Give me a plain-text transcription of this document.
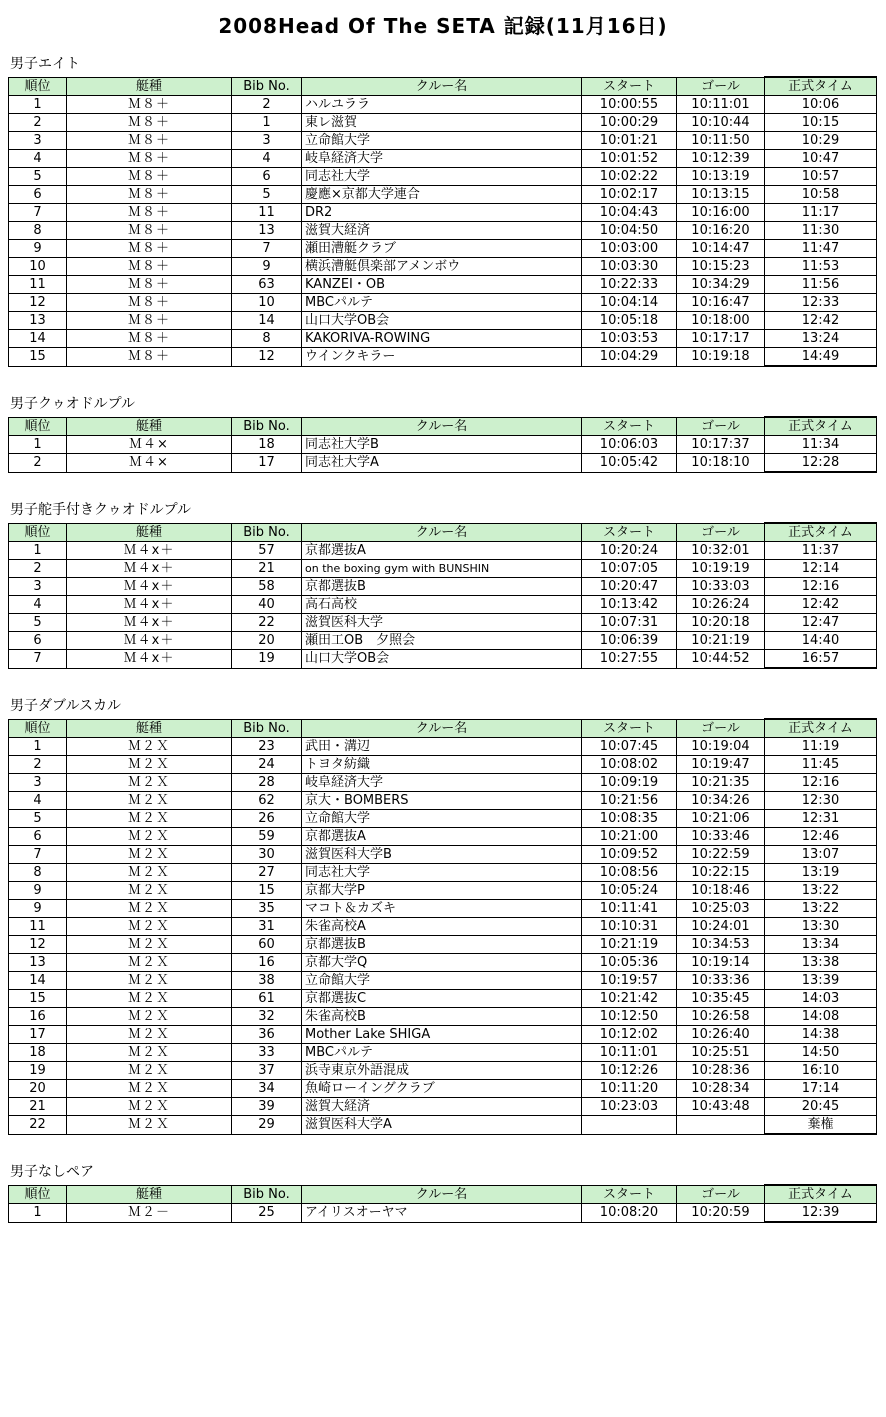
2008Head Of The SETA 記録(11月16日)
男子エイト
順位	艇種	Bib No.	クルー名	スタート	ゴール	正式タイム
1	Ｍ８＋	2	ハルユララ	10:00:55	10:11:01	10:06
2	Ｍ８＋	1	東レ滋賀	10:00:29	10:10:44	10:15
3	Ｍ８＋	3	立命館大学	10:01:21	10:11:50	10:29
4	Ｍ８＋	4	岐阜経済大学	10:01:52	10:12:39	10:47
5	Ｍ８＋	6	同志社大学	10:02:22	10:13:19	10:57
6	Ｍ８＋	5	慶應×京都大学連合	10:02:17	10:13:15	10:58
7	Ｍ８＋	11	DR2	10:04:43	10:16:00	11:17
8	Ｍ８＋	13	滋賀大経済	10:04:50	10:16:20	11:30
9	Ｍ８＋	7	瀬田漕艇クラブ	10:03:00	10:14:47	11:47
10	Ｍ８＋	9	横浜漕艇倶楽部アメンボウ	10:03:30	10:15:23	11:53
11	Ｍ８＋	63	KANZEI・OB	10:22:33	10:34:29	11:56
12	Ｍ８＋	10	MBCパルテ	10:04:14	10:16:47	12:33
13	Ｍ８＋	14	山口大学OB会	10:05:18	10:18:00	12:42
14	Ｍ８＋	8	KAKORIVA-ROWING	10:03:53	10:17:17	13:24
15	Ｍ８＋	12	ウインクキラー	10:04:29	10:19:18	14:49
男子クゥオドルプル
順位	艇種	Bib No.	クルー名	スタート	ゴール	正式タイム
1	Ｍ４×	18	同志社大学B	10:06:03	10:17:37	11:34
2	Ｍ４×	17	同志社大学A	10:05:42	10:18:10	12:28
男子舵手付きクゥオドルプル
順位	艇種	Bib No.	クルー名	スタート	ゴール	正式タイム
1	Ｍ４x＋	57	京都選抜A	10:20:24	10:32:01	11:37
2	Ｍ４x＋	21	on the boxing gym with BUNSHIN	10:07:05	10:19:19	12:14
3	Ｍ４x＋	58	京都選抜B	10:20:47	10:33:03	12:16
4	Ｍ４x＋	40	高石高校	10:13:42	10:26:24	12:42
5	Ｍ４x＋	22	滋賀医科大学	10:07:31	10:20:18	12:47
6	Ｍ４x＋	20	瀬田工OB　夕照会	10:06:39	10:21:19	14:40
7	Ｍ４x＋	19	山口大学OB会	10:27:55	10:44:52	16:57
男子ダブルスカル
順位	艇種	Bib No.	クルー名	スタート	ゴール	正式タイム
1	Ｍ２Ｘ	23	武田・溝辺	10:07:45	10:19:04	11:19
2	Ｍ２Ｘ	24	トヨタ紡織	10:08:02	10:19:47	11:45
3	Ｍ２Ｘ	28	岐阜経済大学	10:09:19	10:21:35	12:16
4	Ｍ２Ｘ	62	京大・BOMBERS	10:21:56	10:34:26	12:30
5	Ｍ２Ｘ	26	立命館大学	10:08:35	10:21:06	12:31
6	Ｍ２Ｘ	59	京都選抜A	10:21:00	10:33:46	12:46
7	Ｍ２Ｘ	30	滋賀医科大学B	10:09:52	10:22:59	13:07
8	Ｍ２Ｘ	27	同志社大学	10:08:56	10:22:15	13:19
9	Ｍ２Ｘ	15	京都大学P	10:05:24	10:18:46	13:22
9	Ｍ２Ｘ	35	マコト＆カズキ	10:11:41	10:25:03	13:22
11	Ｍ２Ｘ	31	朱雀高校A	10:10:31	10:24:01	13:30
12	Ｍ２Ｘ	60	京都選抜B	10:21:19	10:34:53	13:34
13	Ｍ２Ｘ	16	京都大学Q	10:05:36	10:19:14	13:38
14	Ｍ２Ｘ	38	立命館大学	10:19:57	10:33:36	13:39
15	Ｍ２Ｘ	61	京都選抜C	10:21:42	10:35:45	14:03
16	Ｍ２Ｘ	32	朱雀高校B	10:12:50	10:26:58	14:08
17	Ｍ２Ｘ	36	Mother Lake SHIGA	10:12:02	10:26:40	14:38
18	Ｍ２Ｘ	33	MBCパルテ	10:11:01	10:25:51	14:50
19	Ｍ２Ｘ	37	浜寺東京外語混成	10:12:26	10:28:36	16:10
20	Ｍ２Ｘ	34	魚崎ローイングクラブ	10:11:20	10:28:34	17:14
21	Ｍ２Ｘ	39	滋賀大経済	10:23:03	10:43:48	20:45
22	Ｍ２Ｘ	29	滋賀医科大学A			棄権
男子なしペア
順位	艇種	Bib No.	クルー名	スタート	ゴール	正式タイム
1	Ｍ２－	25	アイリスオーヤマ	10:08:20	10:20:59	12:39
